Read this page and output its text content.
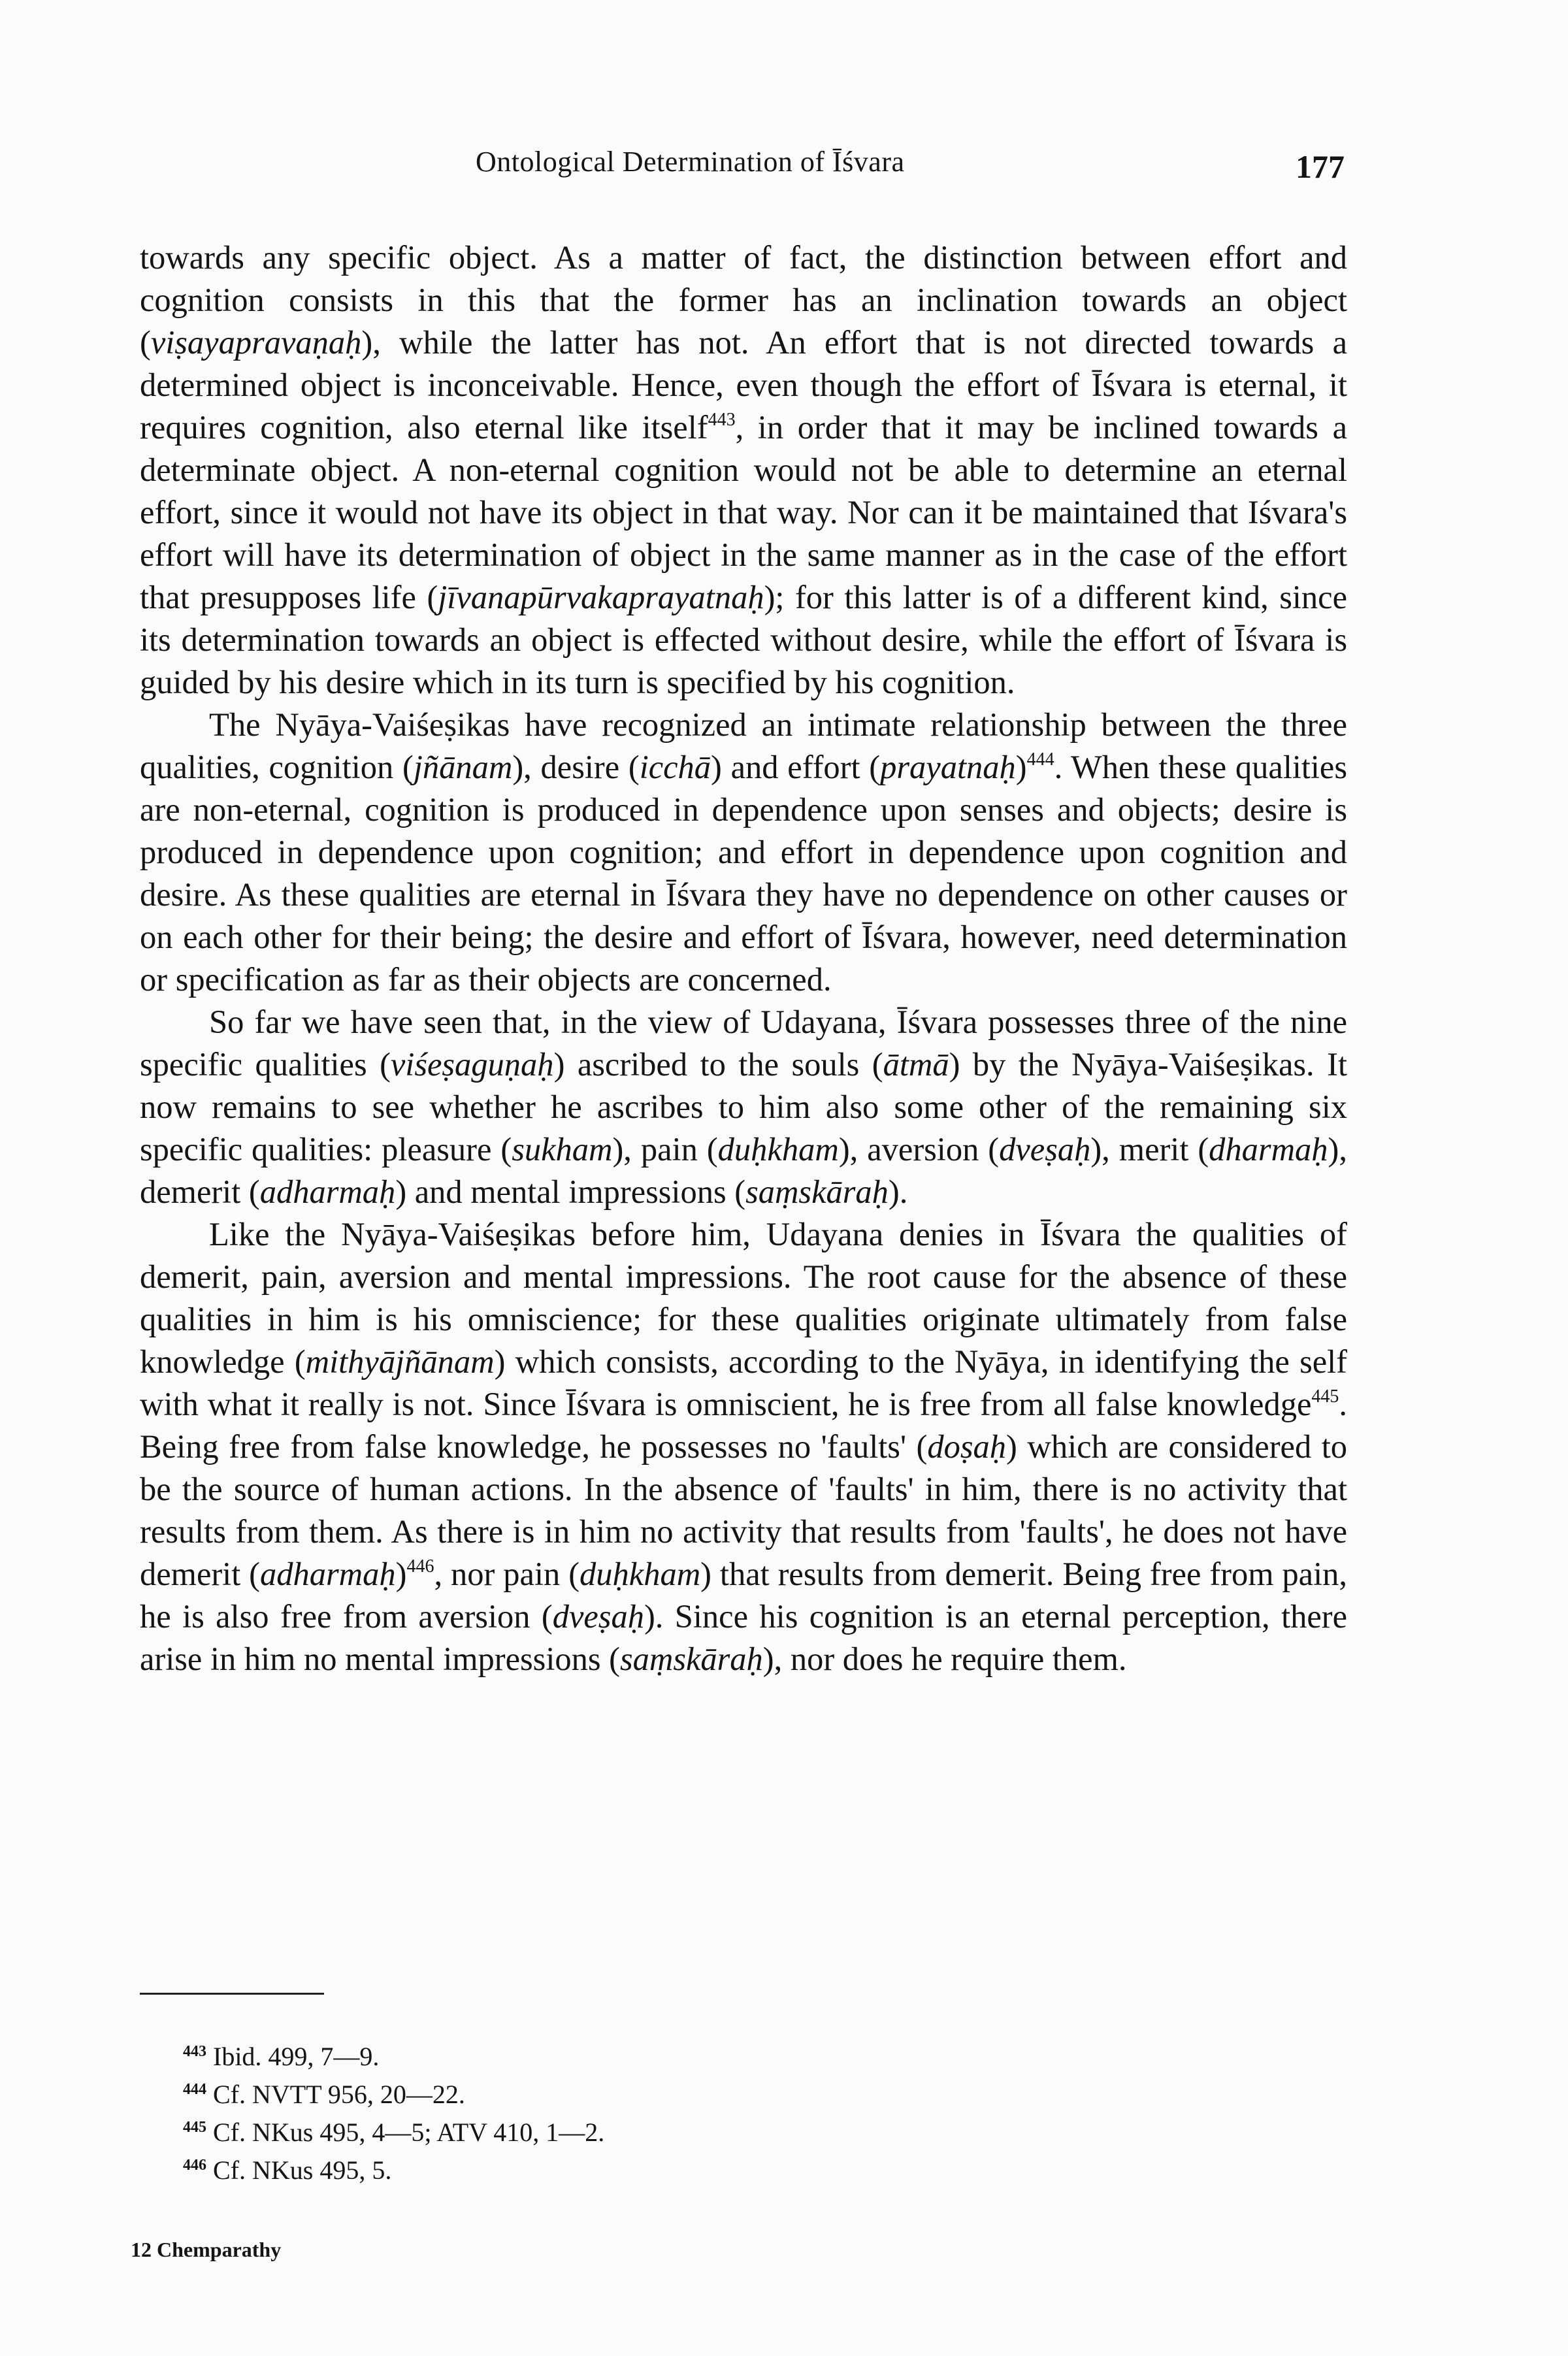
Ontological Determination of Īśvara	177

towards any specific object. As a matter of fact, the distinction between effort and cognition consists in this that the former has an inclination towards an object (viṣayapravaṇaḥ), while the latter has not. An effort that is not directed towards a determined object is inconceivable. Hence, even though the effort of Īśvara is eternal, it requires cognition, also eternal like itself$^{443}$, in order that it may be inclined towards a determinate object. A non-eternal cognition would not be able to determine an eternal effort, since it would not have its object in that way. Nor can it be maintained that Iśvara's effort will have its determination of object in the same manner as in the case of the effort that presupposes life (jīvanapūrvakaprayatnaḥ); for this latter is of a different kind, since its determination towards an object is effected without desire, while the effort of Īśvara is guided by his desire which in its turn is specified by his cognition.

The Nyāya-Vaiśeṣikas have recognized an intimate relationship between the three qualities, cognition (jñānam), desire (icchā) and effort (prayatnaḥ)$^{444}$. When these qualities are non-eternal, cognition is produced in dependence upon senses and objects; desire is produced in dependence upon cognition; and effort in dependence upon cognition and desire. As these qualities are eternal in Īśvara they have no dependence on other causes or on each other for their being; the desire and effort of Īśvara, however, need determination or specification as far as their objects are concerned.

So far we have seen that, in the view of Udayana, Īśvara possesses three of the nine specific qualities (viśeṣaguṇaḥ) ascribed to the souls (ātmā) by the Nyāya-Vaiśeṣikas. It now remains to see whether he ascribes to him also some other of the remaining six specific qualities: pleasure (sukham), pain (duḥkham), aversion (dveṣaḥ), merit (dharmaḥ), demerit (adharmaḥ) and mental impressions (saṃskāraḥ).

Like the Nyāya-Vaiśeṣikas before him, Udayana denies in Īśvara the qualities of demerit, pain, aversion and mental impressions. The root cause for the absence of these qualities in him is his omniscience; for these qualities originate ultimately from false knowledge (mithyājñānam) which consists, according to the Nyāya, in identifying the self with what it really is not. Since Īśvara is omniscient, he is free from all false knowledge$^{445}$. Being free from false knowledge, he possesses no 'faults' (doṣaḥ) which are considered to be the source of human actions. In the absence of 'faults' in him, there is no activity that results from them. As there is in him no activity that results from 'faults', he does not have demerit (adharmaḥ)$^{446}$, nor pain (duḥkham) that results from demerit. Being free from pain, he is also free from aversion (dveṣaḥ). Since his cognition is an eternal perception, there arise in him no mental impressions (saṃskāraḥ), nor does he require them.

$^{443}$ Ibid. 499, 7—9.
$^{444}$ Cf. NVTT 956, 20—22.
$^{445}$ Cf. NKus 495, 4—5; ATV 410, 1—2.
$^{446}$ Cf. NKus 495, 5.
12 Chemparathy
